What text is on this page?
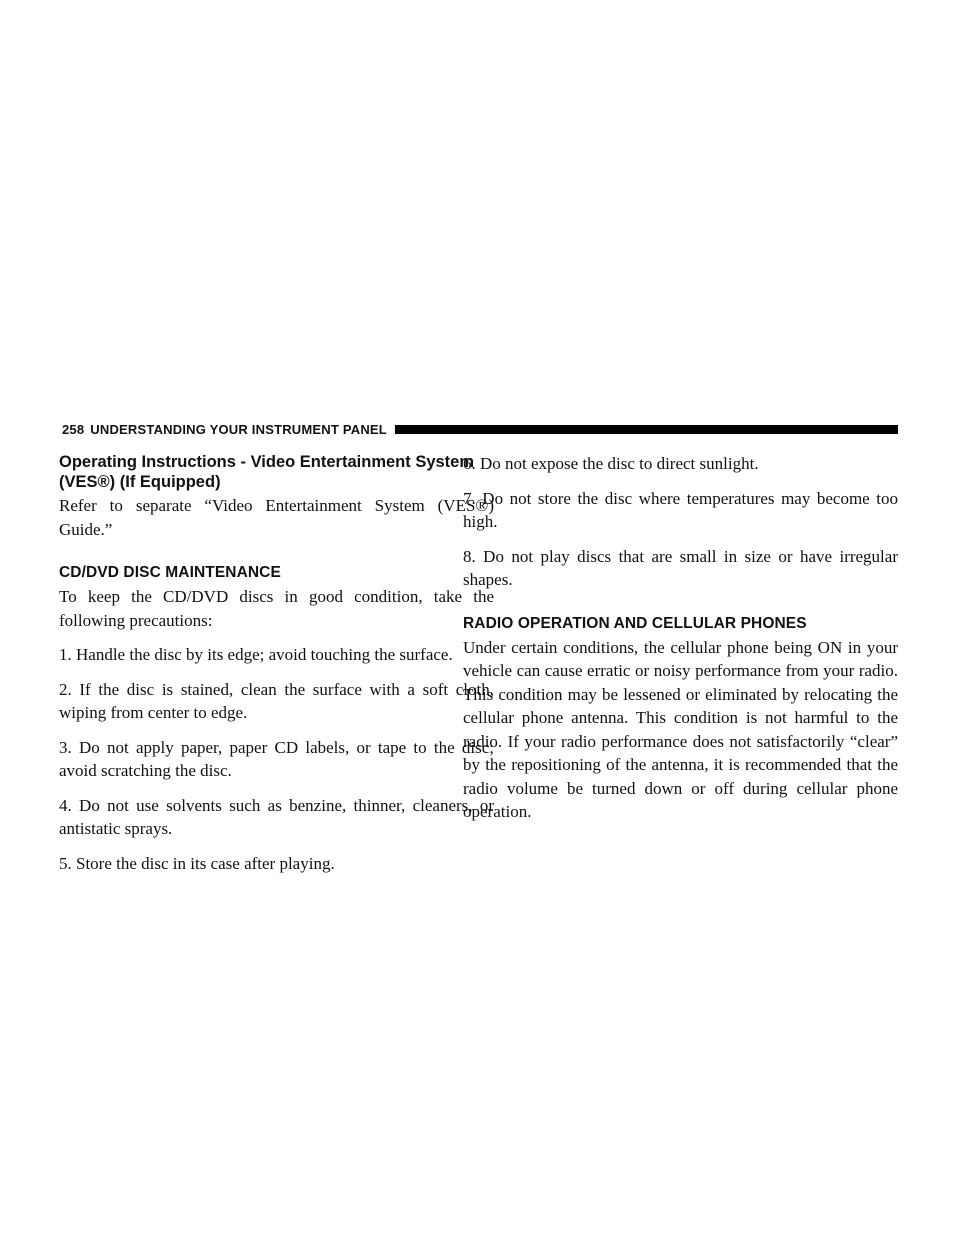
258 UNDERSTANDING YOUR INSTRUMENT PANEL
Operating Instructions - Video Entertainment System (VES®) (If Equipped)

Refer to separate “Video Entertainment System (VES®) Guide.”

CD/DVD DISC MAINTENANCE

To keep the CD/DVD discs in good condition, take the following precautions:

1. Handle the disc by its edge; avoid touching the surface.

2. If the disc is stained, clean the surface with a soft cloth, wiping from center to edge.

3. Do not apply paper, paper CD labels, or tape to the disc; avoid scratching the disc.

4. Do not use solvents such as benzine, thinner, cleaners, or antistatic sprays.

5. Store the disc in its case after playing.

6. Do not expose the disc to direct sunlight.

7. Do not store the disc where temperatures may become too high.

8. Do not play discs that are small in size or have irregular shapes.

RADIO OPERATION AND CELLULAR PHONES

Under certain conditions, the cellular phone being ON in your vehicle can cause erratic or noisy performance from your radio. This condition may be lessened or eliminated by relocating the cellular phone antenna. This condition is not harmful to the radio. If your radio performance does not satisfactorily “clear” by the repositioning of the antenna, it is recommended that the radio volume be turned down or off during cellular phone operation.
